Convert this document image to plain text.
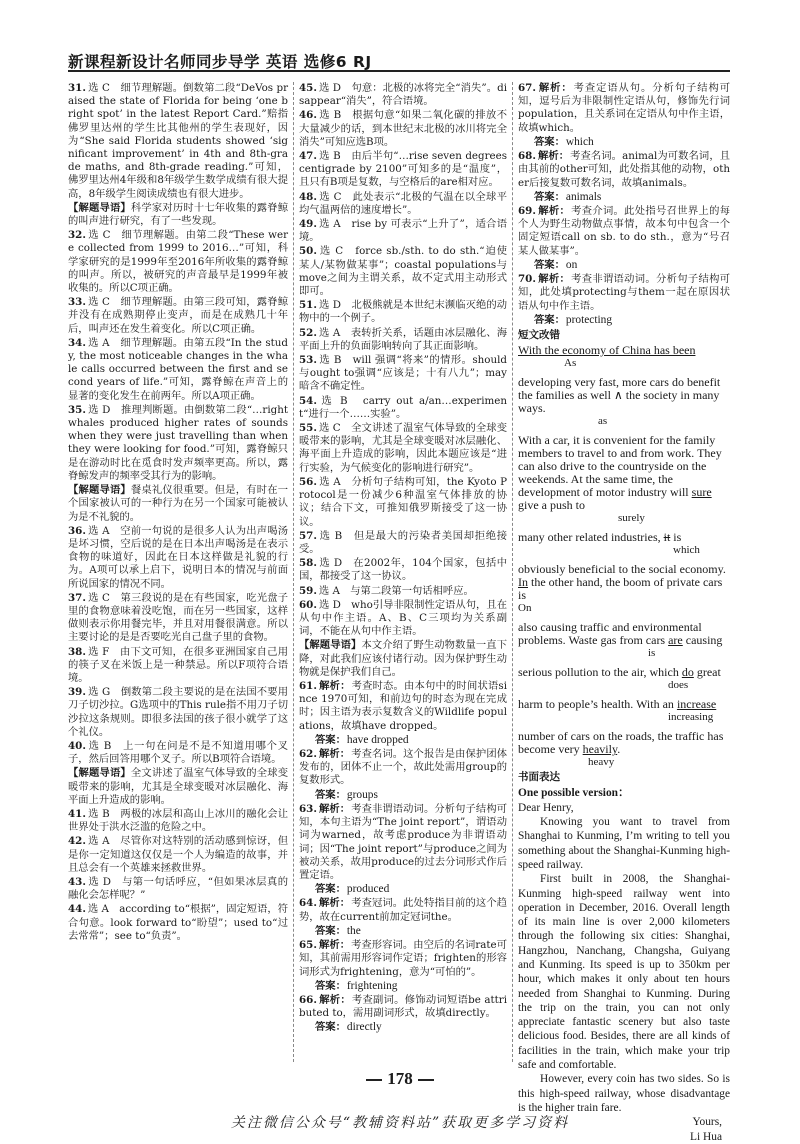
新课程新设计名师同步导学 英语 选修6 RJ
31. 选 C　细节理解题。倒数第二段“DeVos praised the state of Florida for being ‘one bright spot’ in the latest Report Card.”赔指佛罗里达州的学生比其他州的学生表现好，因为“She said Florida students showed ‘significant improvement’ in 4th and 8th-grade maths, and 8th-grade reading.”可知，佛罗里达州4年级和8年级学生数学成绩有很大提高，8年级学生阅读成绩也有很大进步。
【解题导语】科学家对历时十七年收集的露脊鲸的叫声进行研究，有了一些发现。
32. 选 C　细节理解题。由第二段“These were collected from 1999 to 2016…”可知，科学家研究的是1999年至2016年所收集的露脊鲸的叫声。所以，被研究的声音最早是1999年被收集的。所以C项正确。
33. 选 C　细节理解题。由第三段可知，露脊鲸并没有在成熟期停止变声，而是在成熟几十年后，叫声还在发生着变化。所以C项正确。
34. 选 A　细节理解题。由第五段“In the study, the most noticeable changes in the whale calls occurred between the first and second years of life.”可知，露脊鲸在声音上的显著的变化发生在前两年。所以A项正确。
35. 选 D　推理判断题。由倒数第二段“…right whales produced higher rates of sounds when they were just travelling than when they were looking for food.”可知，露脊鲸只是在游动时比在觅食时发声频率更高。所以，露脊鲸发声的频率受其行为的影响。
【解题导语】餐桌礼仪很重要。但是，有时在一个国家被认可的一种行为在另一个国家可能被认为是不礼貌的。
36. 选 A　空前一句说的是很多人认为出声喝汤是坏习惯，空后说的是在日本出声喝汤是在表示食物的味道好，因此在日本这样做是礼貌的行为。A项可以承上启下，说明日本的情况与前面所说国家的情况不同。
37. 选 C　第三段说的是在有些国家，吃光盘子里的食物意味着没吃饱，而在另一些国家，这样做则表示你用餐完毕，并且对用餐很满意。所以主要讨论的是是否要吃光自己盘子里的食物。
38. 选 F　由下文可知，在很多亚洲国家自己用的筷子叉在米饭上是一种禁忌。所以F项符合语境。
39. 选 G　倒数第二段主要说的是在法国不要用刀子切沙拉。G选项中的This rule指不用刀子切沙拉这条规则。即很多法国的孩子很小就学了这个礼仪。
40. 选 B　上一句在问是不是不知道用哪个叉子，然后回答用哪个叉子。所以B项符合语境。
【解题导语】全文讲述了温室气体导致的全球变暖带来的影响，尤其是全球变暖对冰层融化、海平面上升造成的影响。
41. 选 B　两极的冰层和高山上冰川的融化会让世界处于洪水泛滥的危险之中。
42. 选 A　尽管你对这特别的活动感到惊讶，但是你一定知道这仅仅是一个人为编造的故事，并且总会有一个英雄来拯救世界。
43. 选 D　与第一句话呼应，“但如果冰层真的融化会怎样呢？”
44. 选 A　according to“根据”，固定短语，符合句意。look forward to“盼望”；used to“过去常常”；see to“负责”。
45. 选 D　句意：北极的冰将完全“消失”。disappear“消失”，符合语境。
46. 选 B　根据句意“如果二氧化碳的排放不大量减少的话，到本世纪末北极的冰川将完全消失”可知应选B项。
47. 选 B　由后半句“…rise seven degrees centigrade by 2100”可知多的是“温度”，且只有B项是复数，与空格后的are相对应。
48. 选 C　此处表示“北极的气温在以全球平均气温两倍的速度增长”。
49. 选 A　rise by 可表示“上升了”，适合语境。
50. 选 C　force sb./sth. to do sth.“迫使某人/某物做某事”；coastal populations与move之间为主谓关系，故不定式用主动形式即可。
51. 选 D　北极熊就是本世纪末濒临灭绝的动物中的一个例子。
52. 选 A　表转折关系，话题由冰层融化、海平面上升的负面影响转向了其正面影响。
53. 选 B　will 强调“将来”的情形。should与ought to强调“应该是；十有八九”；may暗含不确定性。
54. 选 B　carry out a/an…experiment“进行一个……实验”。
55. 选 C　全文讲述了温室气体导致的全球变暖带来的影响，尤其是全球变暖对冰层融化、海平面上升造成的影响，因此本题应该是“进行实验，为气候变化的影响进行研究”。
56. 选 A　分析句子结构可知，the Kyoto Protocol是一份减少6种温室气体排放的协议；结合下文，可推知俄罗斯接受了这一协议。
57. 选 B　但是最大的污染者美国却拒绝接受。
58. 选 D　在2002年，104个国家，包括中国，都接受了这一协议。
59. 选 A　与第二段第一句话相呼应。
60. 选 D　who引导非限制性定语从句，且在从句中作主语。A、B、C三项均为关系副词，不能在从句中作主语。
【解题导语】本文介绍了野生动物数量一直下降，对此我们应该付诸行动。因为保护野生动物就是保护我们自己。
61. 解析：考查时态。由本句中的时间状语since 1970可知，和前边句的时态为现在完成时；因主语为表示复数含义的Wildlife populations，故填have dropped。
答案：have dropped
62. 解析：考查名词。这个报告是由保护团体发布的，团体不止一个，故此处需用group的复数形式。
答案：groups
63. 解析：考查非谓语动词。分析句子结构可知，本句主语为“The joint report”，谓语动词为warned，故考虑produce为非谓语动词；因“The joint report”与produce之间为被动关系，故用produce的过去分词形式作后置定语。
答案：produced
64. 解析：考查冠词。此处特指目前的这个趋势，故在current前加定冠词the。
答案：the
65. 解析：考查形容词。由空后的名词rate可知，其前需用形容词作定语；frighten的形容词形式为frightening，意为“可怕的”。
答案：frightening
66. 解析：考查副词。修饰动词短语be attributed to，需用副词形式，故填directly。
答案：directly
67. 解析：考查定语从句。分析句子结构可知，逗号后为非限制性定语从句，修饰先行词population，且关系词在定语从句中作主语，故填which。
答案：which
68. 解析：考查名词。animal为可数名词，且由其前的other可知，此处指其他的动物，other后接复数可数名词，故填animals。
答案：animals
69. 解析：考查介词。此处指号召世界上的每个人为野生动物做点事情，故本句中包含一个固定短语call on sb. to do sth.，意为“号召某人做某事”。
答案：on
70. 解析：考查非谓语动词。分析句子结构可知，此处填protecting与them一起在原因状语从句中作主语。
答案：protecting
短文改错

With the economy of China has been

As

developing very fast, more cars do benefit the families as well ∧ the society in many ways.

as

With a car, it is convenient for the family members to travel to and from work. They can also drive to the countryside on the weekends. At the same time, the development of motor industry will sure give a push to

surely

many other related industries, it is

which

obviously beneficial to the social economy. In the other hand, the boom of private cars is

On

also causing traffic and environmental problems. Waste gas from cars are causing

is

serious pollution to the air, which do great

does

harm to people’s health. With an increase

increasing

number of cars on the roads, the traffic has become very heavily.

heavy

书面表达

One possible version：

Dear Henry,

Knowing you want to travel from Shanghai to Kunming, I’m writing to tell you something about the Shanghai-Kunming high-speed railway.

First built in 2008, the Shanghai-Kunming high-speed railway went into operation in December, 2016. Overall length of its main line is over 2,000 kilometers through the following six cities: Shanghai, Hangzhou, Nanchang, Changsha, Guiyang and Kunming. Its speed is up to 350km per hour, which makes it only about ten hours needed from Shanghai to Kunming. During the trip on the train, you can not only appreciate fantastic scenery but also taste delicious food. Besides, there are all kinds of facilities in the train, which make your trip safe and comfortable.

However, every coin has two sides. So is this high-speed railway, whose disadvantage is the higher train fare.

Yours,

Li Hua

178
关注微信公众号“教辅资料站”获取更多学习资料
